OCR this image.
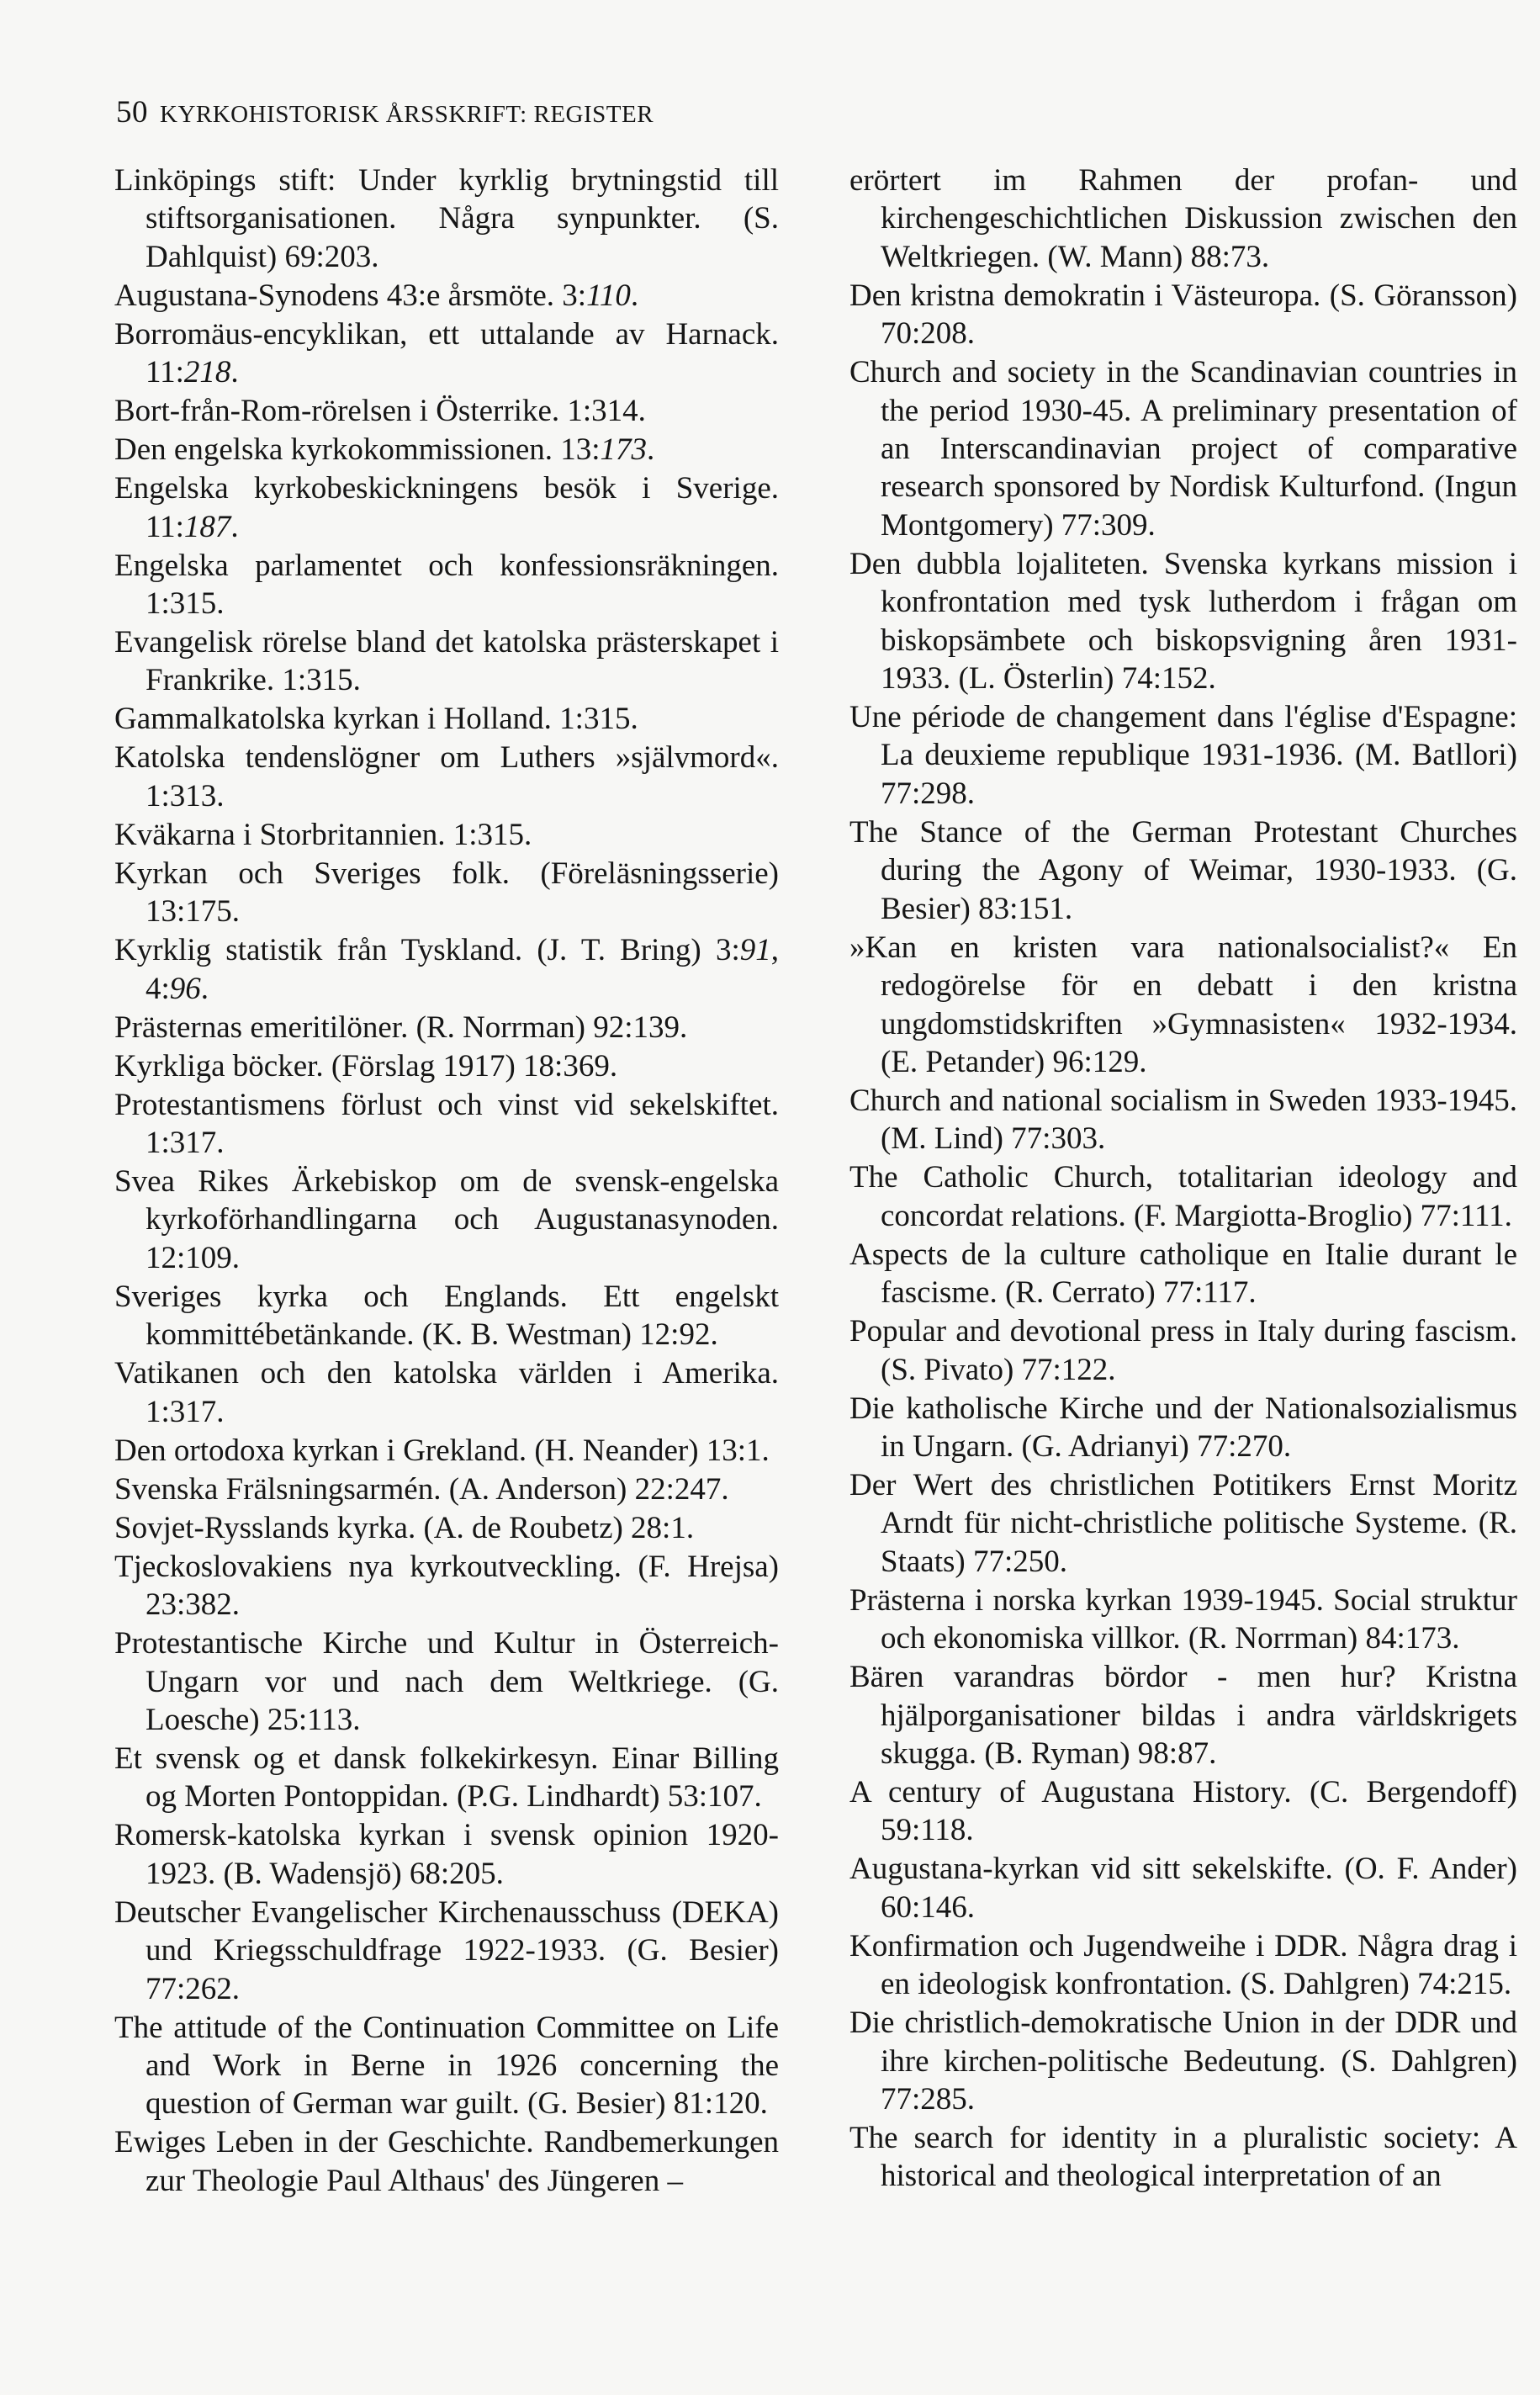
50 KYRKOHISTORISK ÅRSSKRIFT: REGISTER

Linköpings stift: Under kyrklig brytningstid till stiftsorganisationen. Några synpunkter. (S. Dahlquist) 69:203.

Augustana-Synodens 43:e årsmöte. 3:110.

Borromäus-encyklikan, ett uttalande av Harnack. 11:218.

Bort-från-Rom-rörelsen i Österrike. 1:314.

Den engelska kyrkokommissionen. 13:173.

Engelska kyrkobeskickningens besök i Sverige. 11:187.

Engelska parlamentet och konfessionsräkningen. 1:315.

Evangelisk rörelse bland det katolska prästerskapet i Frankrike. 1:315.

Gammalkatolska kyrkan i Holland. 1:315.

Katolska tendenslögner om Luthers »självmord«. 1:313.

Kväkarna i Storbritannien. 1:315.

Kyrkan och Sveriges folk. (Föreläsningsserie) 13:175.

Kyrklig statistik från Tyskland. (J. T. Bring) 3:91, 4:96.

Prästernas emeritilöner. (R. Norrman) 92:139.

Kyrkliga böcker. (Förslag 1917) 18:369.

Protestantismens förlust och vinst vid sekelskiftet. 1:317.

Svea Rikes Ärkebiskop om de svensk-engelska kyrkoförhandlingarna och Augustanasynoden. 12:109.

Sveriges kyrka och Englands. Ett engelskt kommittébetänkande. (K. B. Westman) 12:92.

Vatikanen och den katolska världen i Amerika. 1:317.

Den ortodoxa kyrkan i Grekland. (H. Neander) 13:1.

Svenska Frälsningsarmén. (A. Anderson) 22:247.

Sovjet-Rysslands kyrka. (A. de Roubetz) 28:1.

Tjeckoslovakiens nya kyrkoutveckling. (F. Hrejsa) 23:382.

Protestantische Kirche und Kultur in Österreich-Ungarn vor und nach dem Weltkriege. (G. Loesche) 25:113.

Et svensk og et dansk folkekirkesyn. Einar Billing og Morten Pontoppidan. (P.G. Lindhardt) 53:107.

Romersk-katolska kyrkan i svensk opinion 1920-1923. (B. Wadensjö) 68:205.

Deutscher Evangelischer Kirchenausschuss (DEKA) und Kriegsschuldfrage 1922-1933. (G. Besier) 77:262.

The attitude of the Continuation Committee on Life and Work in Berne in 1926 concerning the question of German war guilt. (G. Besier) 81:120.

Ewiges Leben in der Geschichte. Randbemerkungen zur Theologie Paul Althaus' des Jüngeren –

erörtert im Rahmen der profan- und kirchengeschichtlichen Diskussion zwischen den Weltkriegen. (W. Mann) 88:73.

Den kristna demokratin i Västeuropa. (S. Göransson) 70:208.

Church and society in the Scandinavian countries in the period 1930-45. A preliminary presentation of an Interscandinavian project of comparative research sponsored by Nordisk Kulturfond. (Ingun Montgomery) 77:309.

Den dubbla lojaliteten. Svenska kyrkans mission i konfrontation med tysk lutherdom i frågan om biskopsämbete och biskopsvigning åren 1931-1933. (L. Österlin) 74:152.

Une période de changement dans l'église d'Espagne: La deuxieme republique 1931-1936. (M. Batllori) 77:298.

The Stance of the German Protestant Churches during the Agony of Weimar, 1930-1933. (G. Besier) 83:151.

»Kan en kristen vara nationalsocialist?« En redogörelse för en debatt i den kristna ungdomstidskriften »Gymnasisten« 1932-1934. (E. Petander) 96:129.

Church and national socialism in Sweden 1933-1945. (M. Lind) 77:303.

The Catholic Church, totalitarian ideology and concordat relations. (F. Margiotta-Broglio) 77:111.

Aspects de la culture catholique en Italie durant le fascisme. (R. Cerrato) 77:117.

Popular and devotional press in Italy during fascism. (S. Pivato) 77:122.

Die katholische Kirche und der Nationalsozialismus in Ungarn. (G. Adrianyi) 77:270.

Der Wert des christlichen Potitikers Ernst Moritz Arndt für nicht-christliche politische Systeme. (R. Staats) 77:250.

Prästerna i norska kyrkan 1939-1945. Social struktur och ekonomiska villkor. (R. Norrman) 84:173.

Bären varandras bördor - men hur? Kristna hjälporganisationer bildas i andra världskrigets skugga. (B. Ryman) 98:87.

A century of Augustana History. (C. Bergendoff) 59:118.

Augustana-kyrkan vid sitt sekelskifte. (O. F. Ander) 60:146.

Konfirmation och Jugendweihe i DDR. Några drag i en ideologisk konfrontation. (S. Dahlgren) 74:215.

Die christlich-demokratische Union in der DDR und ihre kirchen-politische Bedeutung. (S. Dahlgren) 77:285.

The search for identity in a pluralistic society: A historical and theological interpretation of an
